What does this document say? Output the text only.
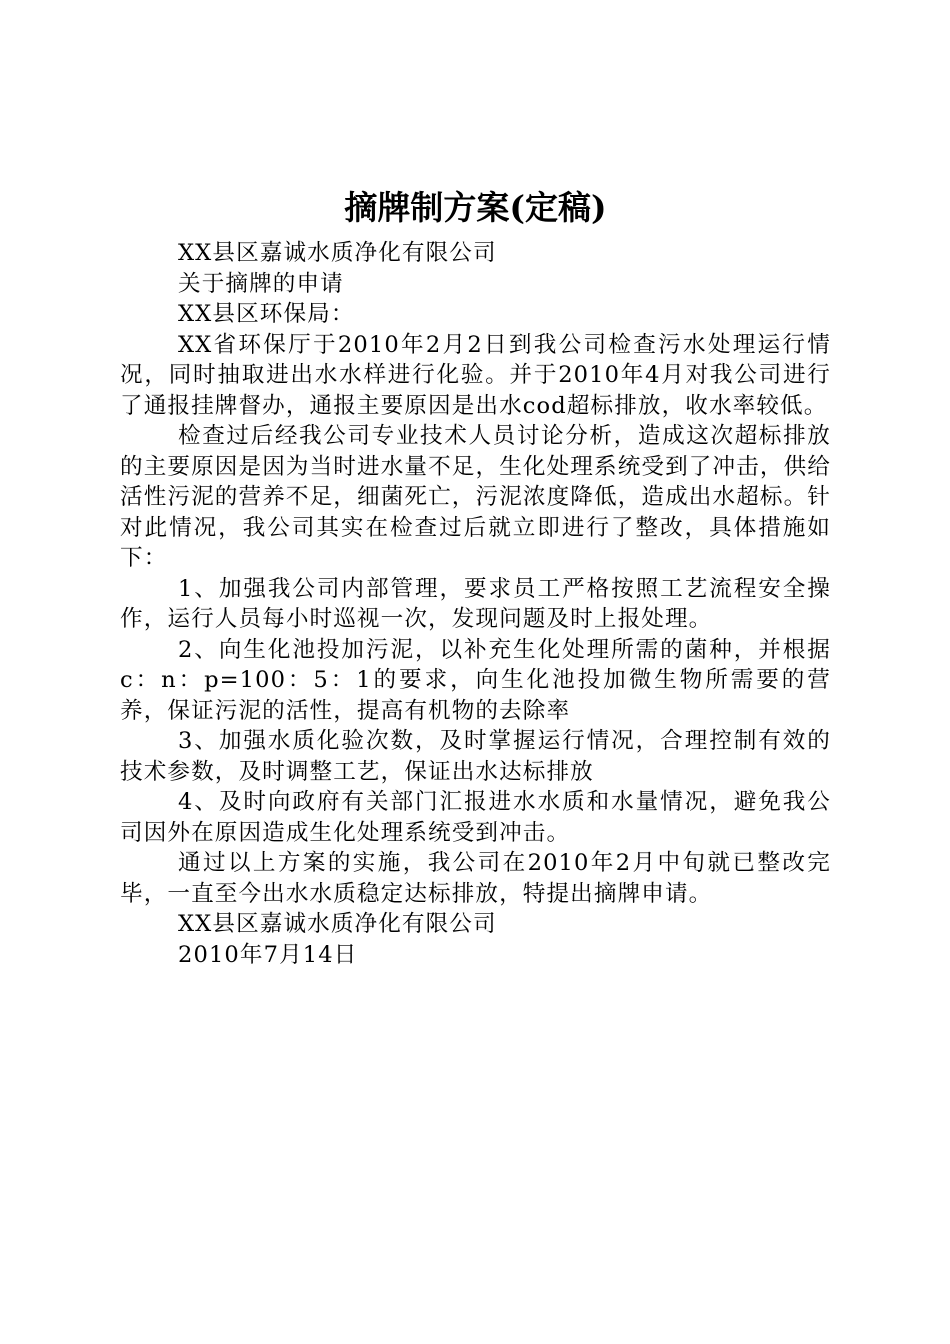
摘牌制方案(定稿)

XX县区嘉诚水质净化有限公司

关于摘牌的申请

XX县区环保局：

XX省环保厅于2010年2月2日到我公司检查污水处理运行情况，同时抽取进出水水样进行化验。并于2010年4月对我公司进行了通报挂牌督办，通报主要原因是出水cod超标排放，收水率较低。

检查过后经我公司专业技术人员讨论分析，造成这次超标排放的主要原因是因为当时进水量不足，生化处理系统受到了冲击，供给活性污泥的营养不足，细菌死亡，污泥浓度降低，造成出水超标。针对此情况，我公司其实在检查过后就立即进行了整改，具体措施如下：

1、加强我公司内部管理，要求员工严格按照工艺流程安全操作，运行人员每小时巡视一次，发现问题及时上报处理。

2、向生化池投加污泥，以补充生化处理所需的菌种，并根据c：n：p=100：5：1的要求，向生化池投加微生物所需要的营养，保证污泥的活性，提高有机物的去除率

3、加强水质化验次数，及时掌握运行情况，合理控制有效的技术参数，及时调整工艺，保证出水达标排放

4、及时向政府有关部门汇报进水水质和水量情况，避免我公司因外在原因造成生化处理系统受到冲击。

通过以上方案的实施，我公司在2010年2月中旬就已整改完毕，一直至今出水水质稳定达标排放，特提出摘牌申请。

XX县区嘉诚水质净化有限公司

2010年7月14日
